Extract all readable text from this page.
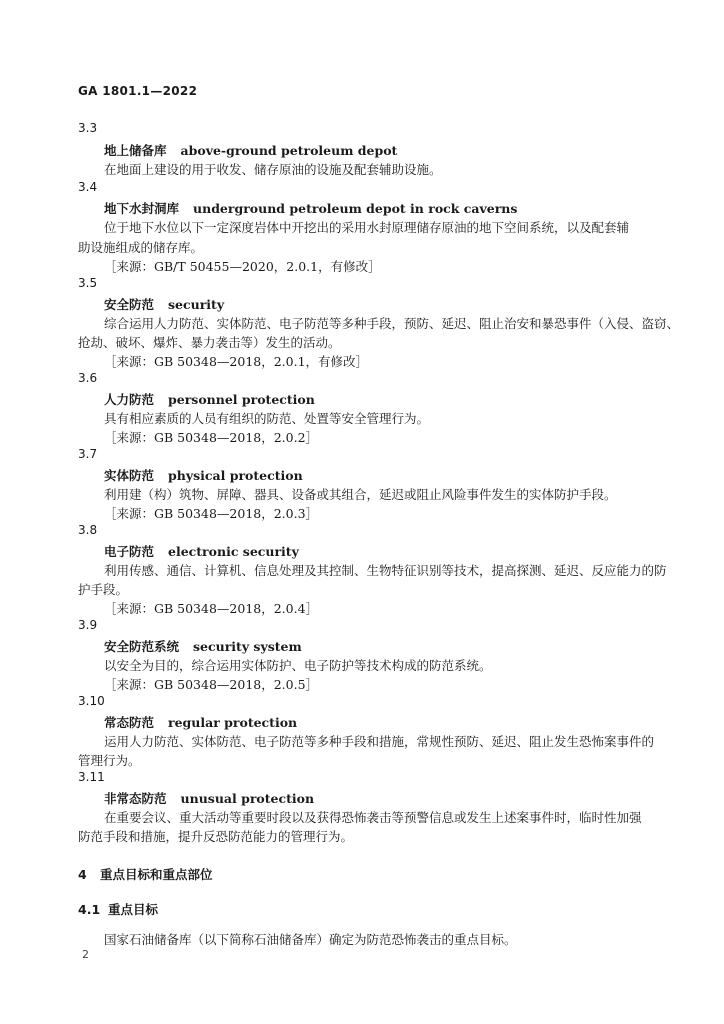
GA 1801.1—2022
3.3
地上储备库 above-ground petroleum depot
在地面上建设的用于收发、储存原油的设施及配套辅助设施。
3.4
地下水封洞库 underground petroleum depot in rock caverns
位于地下水位以下一定深度岩体中开挖出的采用水封原理储存原油的地下空间系统，以及配套辅
助设施组成的储存库。
［来源：GB/T 50455—2020，2.0.1，有修改］
3.5
安全防范 security
综合运用人力防范、实体防范、电子防范等多种手段，预防、延迟、阻止治安和暴恐事件（入侵、盗窃、
抢劫、破坏、爆炸、暴力袭击等）发生的活动。
［来源：GB 50348—2018，2.0.1，有修改］
3.6
人力防范 personnel protection
具有相应素质的人员有组织的防范、处置等安全管理行为。
［来源：GB 50348—2018，2.0.2］
3.7
实体防范 physical protection
利用建（构）筑物、屏障、器具、设备或其组合，延迟或阻止风险事件发生的实体防护手段。
［来源：GB 50348—2018，2.0.3］
3.8
电子防范 electronic security
利用传感、通信、计算机、信息处理及其控制、生物特征识别等技术，提高探测、延迟、反应能力的防
护手段。
［来源：GB 50348—2018，2.0.4］
3.9
安全防范系统 security system
以安全为目的，综合运用实体防护、电子防护等技术构成的防范系统。
［来源：GB 50348—2018，2.0.5］
3.10
常态防范 regular protection
运用人力防范、实体防范、电子防范等多种手段和措施，常规性预防、延迟、阻止发生恐怖案事件的
管理行为。
3.11
非常态防范 unusual protection
在重要会议、重大活动等重要时段以及获得恐怖袭击等预警信息或发生上述案事件时，临时性加强
防范手段和措施，提升反恐防范能力的管理行为。
4 重点目标和重点部位
4.1 重点目标
国家石油储备库（以下简称石油储备库）确定为防范恐怖袭击的重点目标。
2
